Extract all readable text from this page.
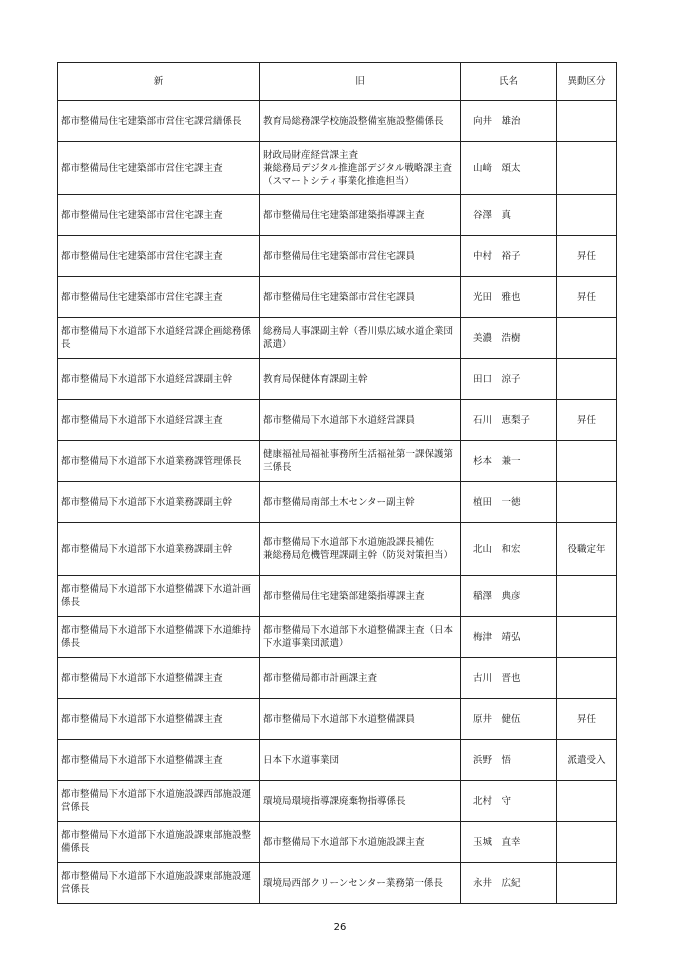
新	旧	氏名	異動区分
都市整備局住宅建築部市営住宅課営繕係長	教育局総務課学校施設整備室施設整備係長	向井　雄治	
都市整備局住宅建築部市営住宅課主査	財政局財産経営課主査
兼総務局デジタル推進部デジタル戦略課主査（スマートシティ事業化推進担当）	山﨑　頌太	
都市整備局住宅建築部市営住宅課主査	都市整備局住宅建築部建築指導課主査	谷澤　真	
都市整備局住宅建築部市営住宅課主査	都市整備局住宅建築部市営住宅課員	中村　裕子	昇任
都市整備局住宅建築部市営住宅課主査	都市整備局住宅建築部市営住宅課員	光田　雅也	昇任
都市整備局下水道部下水道経営課企画総務係長	総務局人事課副主幹（香川県広域水道企業団派遣）	美濃　浩樹	
都市整備局下水道部下水道経営課副主幹	教育局保健体育課副主幹	田口　涼子	
都市整備局下水道部下水道経営課主査	都市整備局下水道部下水道経営課員	石川　恵梨子	昇任
都市整備局下水道部下水道業務課管理係長	健康福祉局福祉事務所生活福祉第一課保護第三係長	杉本　兼一	
都市整備局下水道部下水道業務課副主幹	都市整備局南部土木センター副主幹	植田　一徳	
都市整備局下水道部下水道業務課副主幹	都市整備局下水道部下水道施設課長補佐
兼総務局危機管理課副主幹（防災対策担当）	北山　和宏	役職定年
都市整備局下水道部下水道整備課下水道計画係長	都市整備局住宅建築部建築指導課主査	稲澤　典彦	
都市整備局下水道部下水道整備課下水道維持係長	都市整備局下水道部下水道整備課主査（日本下水道事業団派遣）	梅津　靖弘	
都市整備局下水道部下水道整備課主査	都市整備局都市計画課主査	古川　晋也	
都市整備局下水道部下水道整備課主査	都市整備局下水道部下水道整備課員	原井　健伍	昇任
都市整備局下水道部下水道整備課主査	日本下水道事業団	浜野　悟	派遣受入
都市整備局下水道部下水道施設課西部施設運営係長	環境局環境指導課廃棄物指導係長	北村　守	
都市整備局下水道部下水道施設課東部施設整備係長	都市整備局下水道部下水道施設課主査	玉城　直幸	
都市整備局下水道部下水道施設課東部施設運営係長	環境局西部クリーンセンター業務第一係長	永井　広紀	
26
